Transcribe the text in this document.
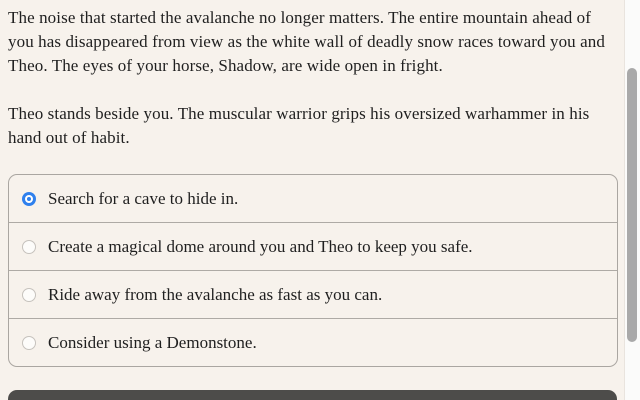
The noise that started the avalanche no longer matters. The entire mountain ahead of you has disappeared from view as the white wall of deadly snow races toward you and Theo. The eyes of your horse, Shadow, are wide open in fright.

Theo stands beside you. The muscular warrior grips his oversized warhammer in his hand out of habit.

Search for a cave to hide in.
Create a magical dome around you and Theo to keep you safe.
Ride away from the avalanche as fast as you can.
Consider using a Demonstone.
